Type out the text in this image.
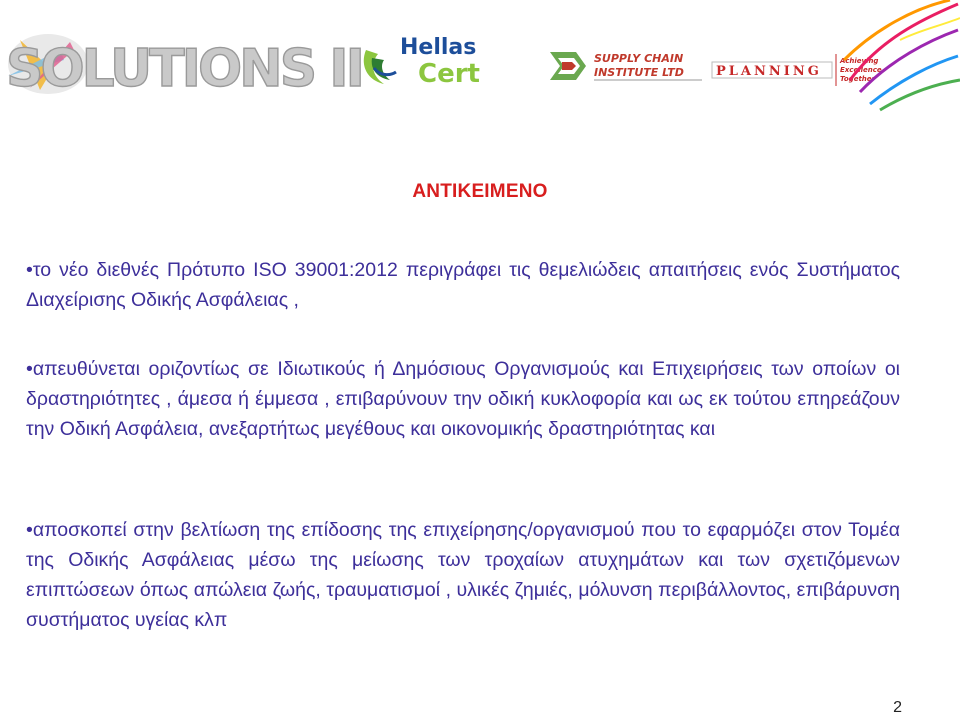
SOLUTIONS II Hellas
Cert
SUPPLY CHAIN
INSTITUTE LTD PLANNING
Achieving
Excellence
Together
ΑΝΤΙΚΕΙΜΕΝΟ
•το νέο διεθνές Πρότυπο ISO 39001:2012 περιγράφει τις θεμελιώδεις απαιτήσεις ενός Συστήματος Διαχείρισης Οδικής Ασφάλειας ,
•απευθύνεται οριζοντίως σε Ιδιωτικούς ή Δημόσιους Οργανισμούς και Επιχειρήσεις των οποίων οι δραστηριότητες , άμεσα ή έμμεσα , επιβαρύνουν την οδική κυκλοφορία και ως εκ τούτου επηρεάζουν την Οδική Ασφάλεια, ανεξαρτήτως μεγέθους και οικονομικής δραστηριότητας και
•αποσκοπεί στην βελτίωση της επίδοσης της επιχείρησης/οργανισμού που το εφαρμόζει στον Τομέα της Οδικής Ασφάλειας μέσω της μείωσης των τροχαίων ατυχημάτων και των σχετιζόμενων επιπτώσεων όπως απώλεια ζωής, τραυματισμοί , υλικές ζημιές, μόλυνση περιβάλλοντος, επιβάρυνση συστήματος υγείας κλπ
2
